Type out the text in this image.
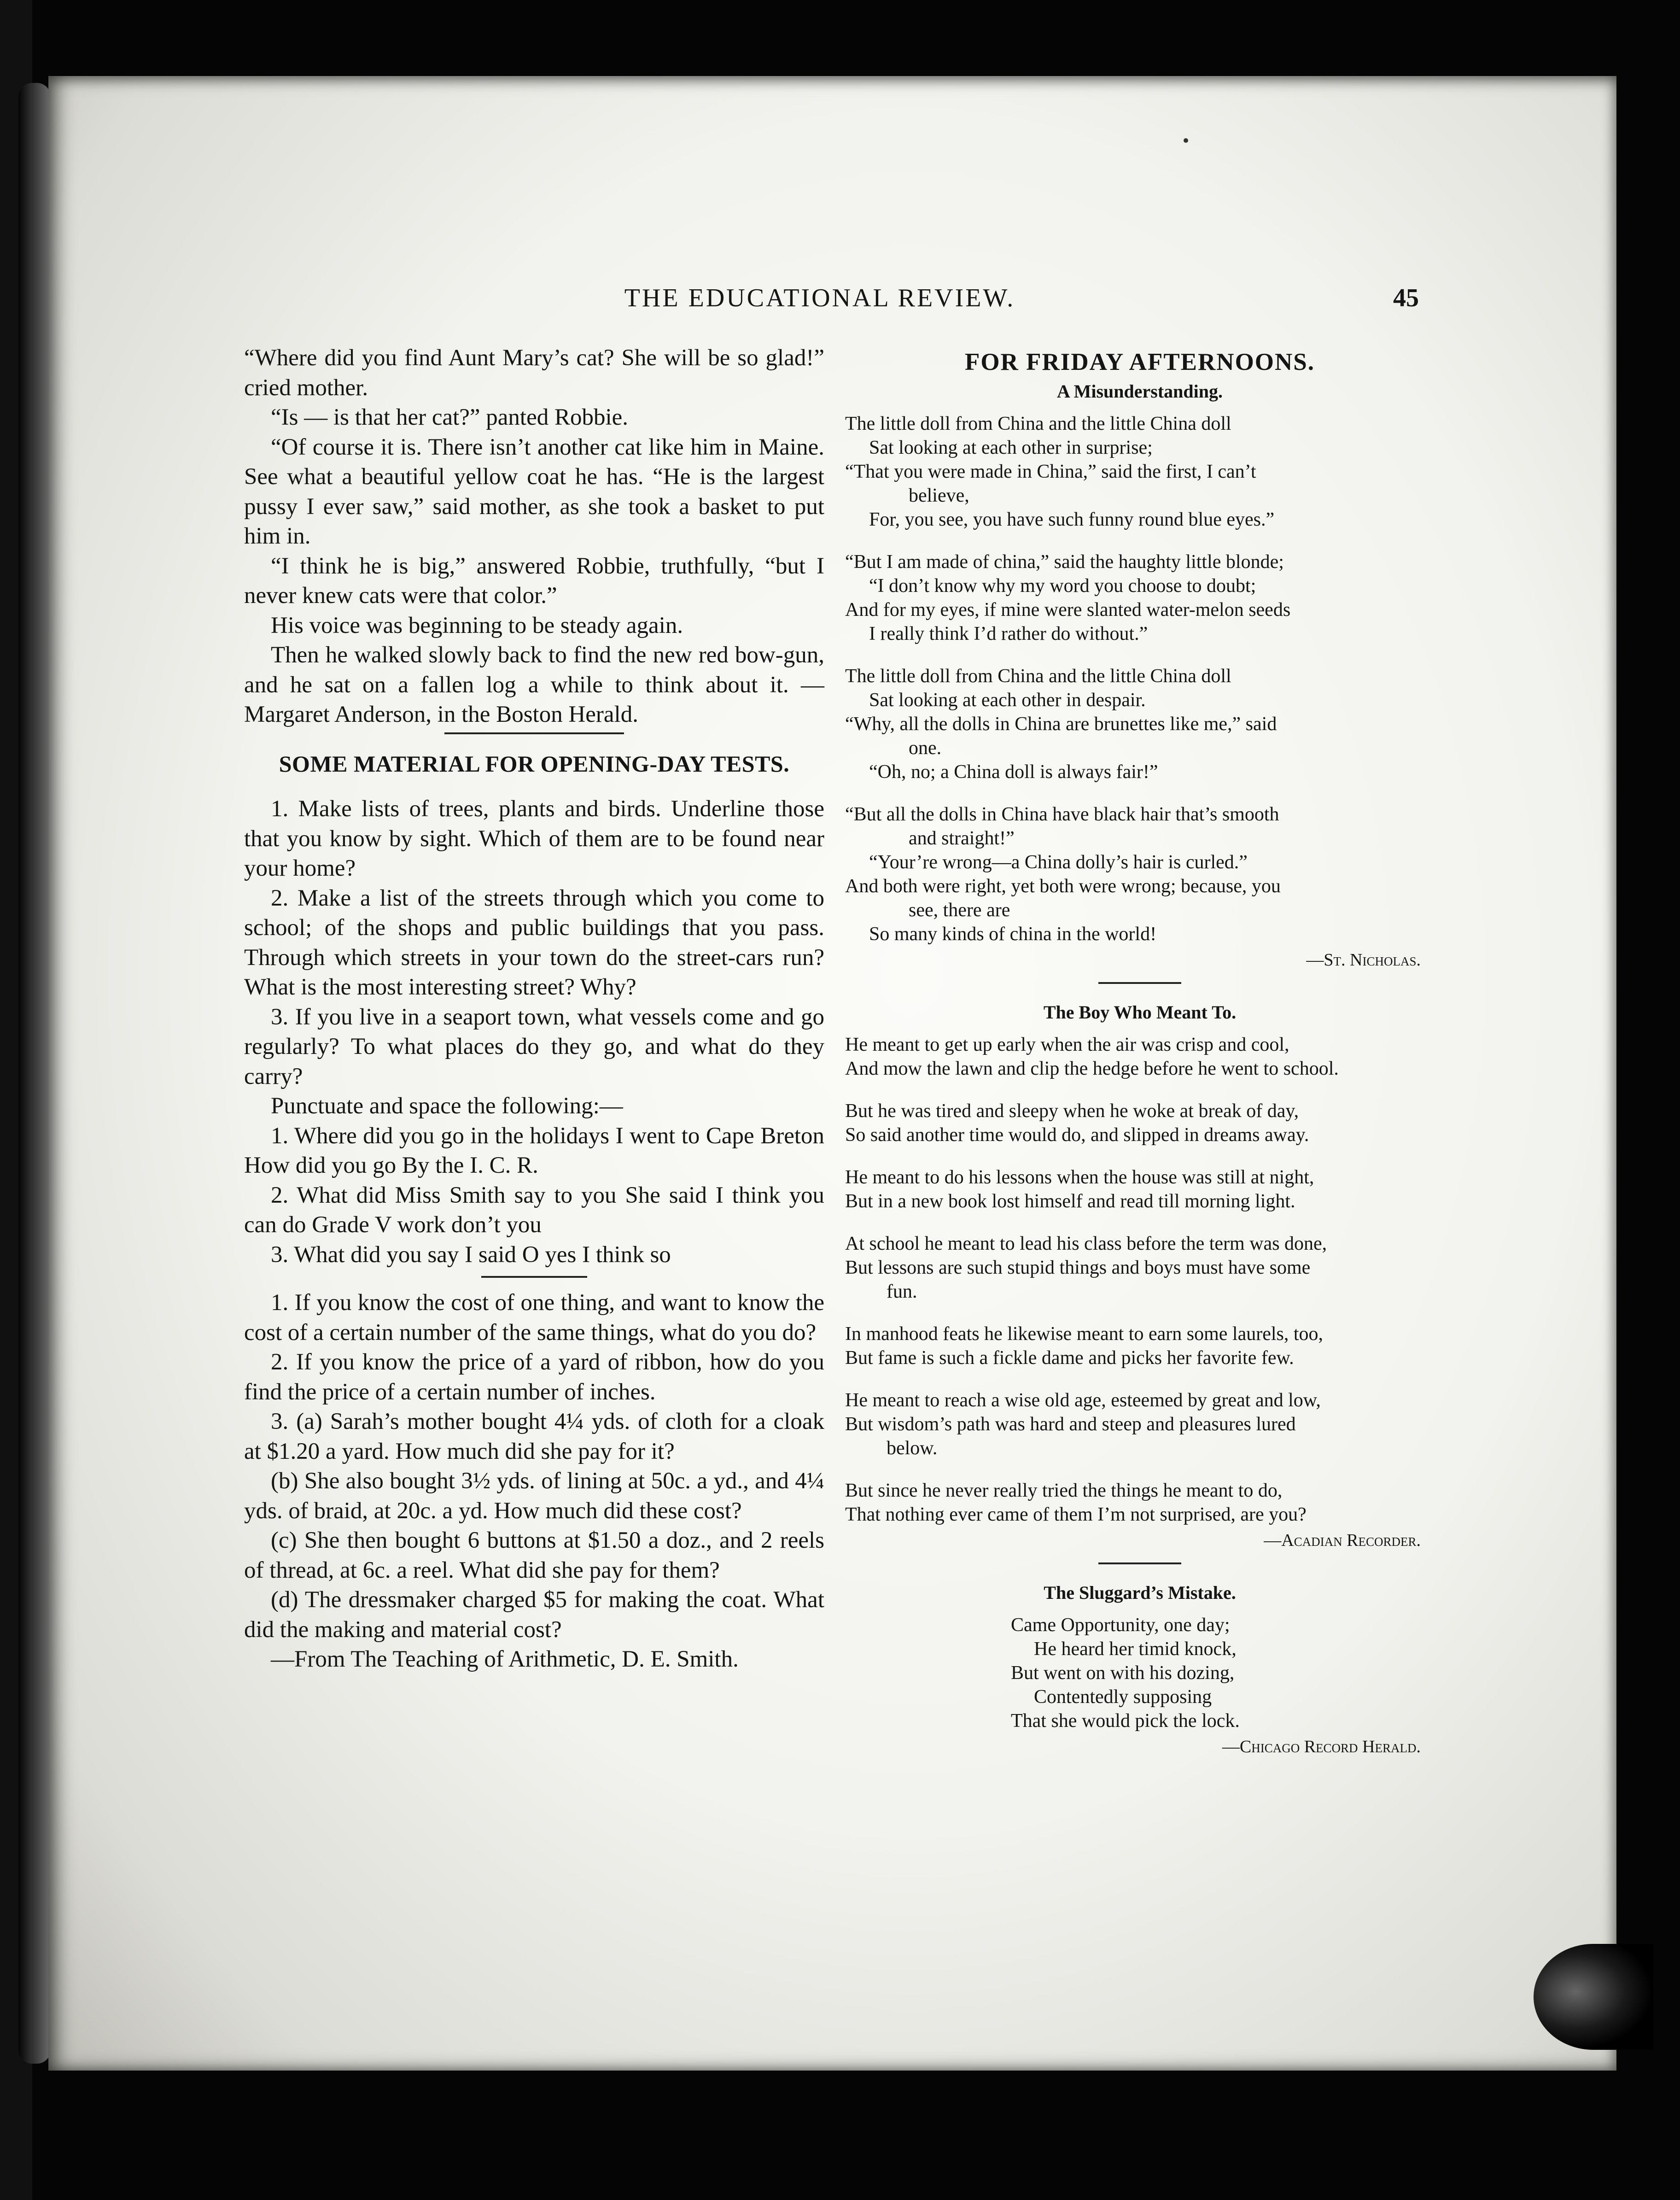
THE EDUCATIONAL REVIEW.	45

“Where did you find Aunt Mary’s cat? She will be so glad!” cried mother.

“Is — is that her cat?” panted Robbie.

“Of course it is. There isn’t another cat like him in Maine. See what a beautiful yellow coat he has. “He is the largest pussy I ever saw,” said mother, as she took a basket to put him in.

“I think he is big,” answered Robbie, truthfully, “but I never knew cats were that color.”

His voice was beginning to be steady again.

Then he walked slowly back to find the new red bow-gun, and he sat on a fallen log a while to think about it. — Margaret Anderson, in the Boston Herald.

SOME MATERIAL FOR OPENING-DAY TESTS.

1. Make lists of trees, plants and birds. Underline those that you know by sight. Which of them are to be found near your home?

2. Make a list of the streets through which you come to school; of the shops and public buildings that you pass. Through which streets in your town do the street-cars run? What is the most interesting street? Why?

3. If you live in a seaport town, what vessels come and go regularly? To what places do they go, and what do they carry?

Punctuate and space the following:—

1. Where did you go in the holidays I went to Cape Breton How did you go By the I. C. R.

2. What did Miss Smith say to you She said I think you can do Grade V work don’t you

3. What did you say I said O yes I think so

1. If you know the cost of one thing, and want to know the cost of a certain number of the same things, what do you do?

2. If you know the price of a yard of ribbon, how do you find the price of a certain number of inches.

3. (a) Sarah’s mother bought 4¼ yds. of cloth for a cloak at $1.20 a yard. How much did she pay for it?

(b) She also bought 3½ yds. of lining at 50c. a yd., and 4¼ yds. of braid, at 20c. a yd. How much did these cost?

(c) She then bought 6 buttons at $1.50 a doz., and 2 reels of thread, at 6c. a reel. What did she pay for them?

(d) The dressmaker charged $5 for making the coat. What did the making and material cost?

—From The Teaching of Arithmetic, D. E. Smith.

FOR FRIDAY AFTERNOONS.

A Misunderstanding.

The little doll from China and the little China doll

Sat looking at each other in surprise;

“That you were made in China,” said the first, I can’t

believe,

For, you see, you have such funny round blue eyes.”

“But I am made of china,” said the haughty little blonde;

“I don’t know why my word you choose to doubt;

And for my eyes, if mine were slanted water-melon seeds

I really think I’d rather do without.”

The little doll from China and the little China doll

Sat looking at each other in despair.

“Why, all the dolls in China are brunettes like me,” said

one.

“Oh, no; a China doll is always fair!”

“But all the dolls in China have black hair that’s smooth

and straight!”

“Your’re wrong—a China dolly’s hair is curled.”

And both were right, yet both were wrong; because, you

see, there are

So many kinds of china in the world!

—St. Nicholas.

The Boy Who Meant To.

He meant to get up early when the air was crisp and cool,

And mow the lawn and clip the hedge before he went to school.

But he was tired and sleepy when he woke at break of day,

So said another time would do, and slipped in dreams away.

He meant to do his lessons when the house was still at night,

But in a new book lost himself and read till morning light.

At school he meant to lead his class before the term was done,

But lessons are such stupid things and boys must have some

fun.

In manhood feats he likewise meant to earn some laurels, too,

But fame is such a fickle dame and picks her favorite few.

He meant to reach a wise old age, esteemed by great and low,

But wisdom’s path was hard and steep and pleasures lured

below.

But since he never really tried the things he meant to do,

That nothing ever came of them I’m not surprised, are you?

—Acadian Recorder.

The Sluggard’s Mistake.

Came Opportunity, one day;

He heard her timid knock,

But went on with his dozing,

Contentedly supposing

That she would pick the lock.

—Chicago Record Herald.
